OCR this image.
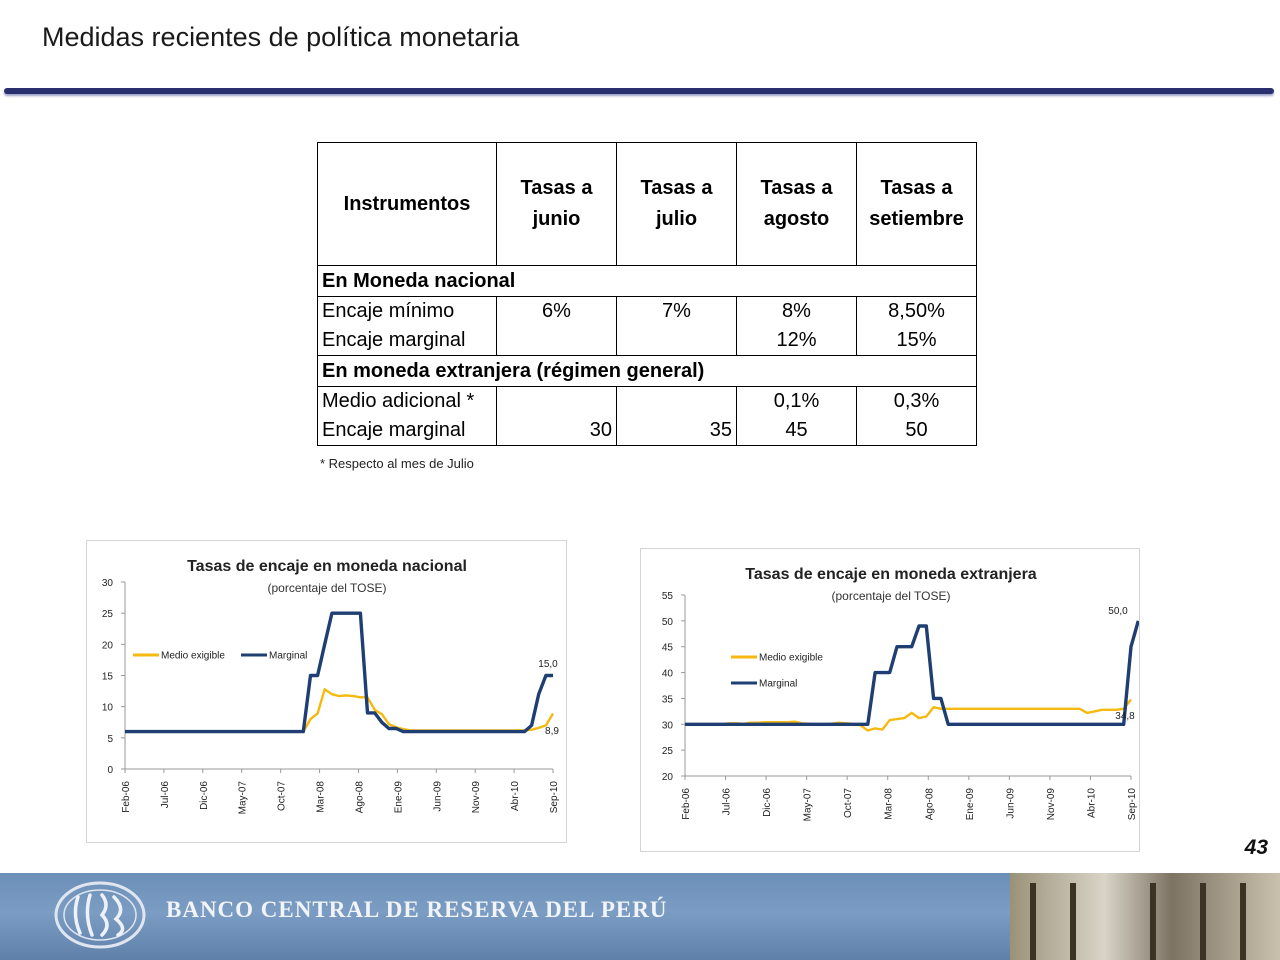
Medidas recientes de política monetaria
Instrumentos	Tasas a junio	Tasas a julio	Tasas a agosto	Tasas a setiembre
En Moneda nacional				
Encaje mínimo	6%	7%	8%	8,50%
Encaje marginal			12%	15%
En moneda extranjera (régimen general)				
Medio adicional *			0,1%	0,3%
Encaje marginal	30	35	45	50
* Respecto al mes de Julio
Tasas de encaje en moneda nacional
(porcentaje del TOSE)
0
5
10
15
20
25
30
Feb-06	Jul-06	Dic-06	May-07	Oct-07	Mar-08	Ago-08	Ene-09	Jun-09	Nov-09	Abr-10	Sep-10
Medio exigible	Marginal
15,0
8,9
Tasas de encaje en moneda extranjera
(porcentaje del TOSE)
20
25
30
35
40
45
50
55
Feb-06	Jul-06	Dic-06	May-07	Oct-07	Mar-08	Ago-08	Ene-09	Jun-09	Nov-09	Abr-10	Sep-10
Medio exigible
Marginal
50,0
34,8
43
BANCO CENTRAL DE RESERVA DEL PERÚ
